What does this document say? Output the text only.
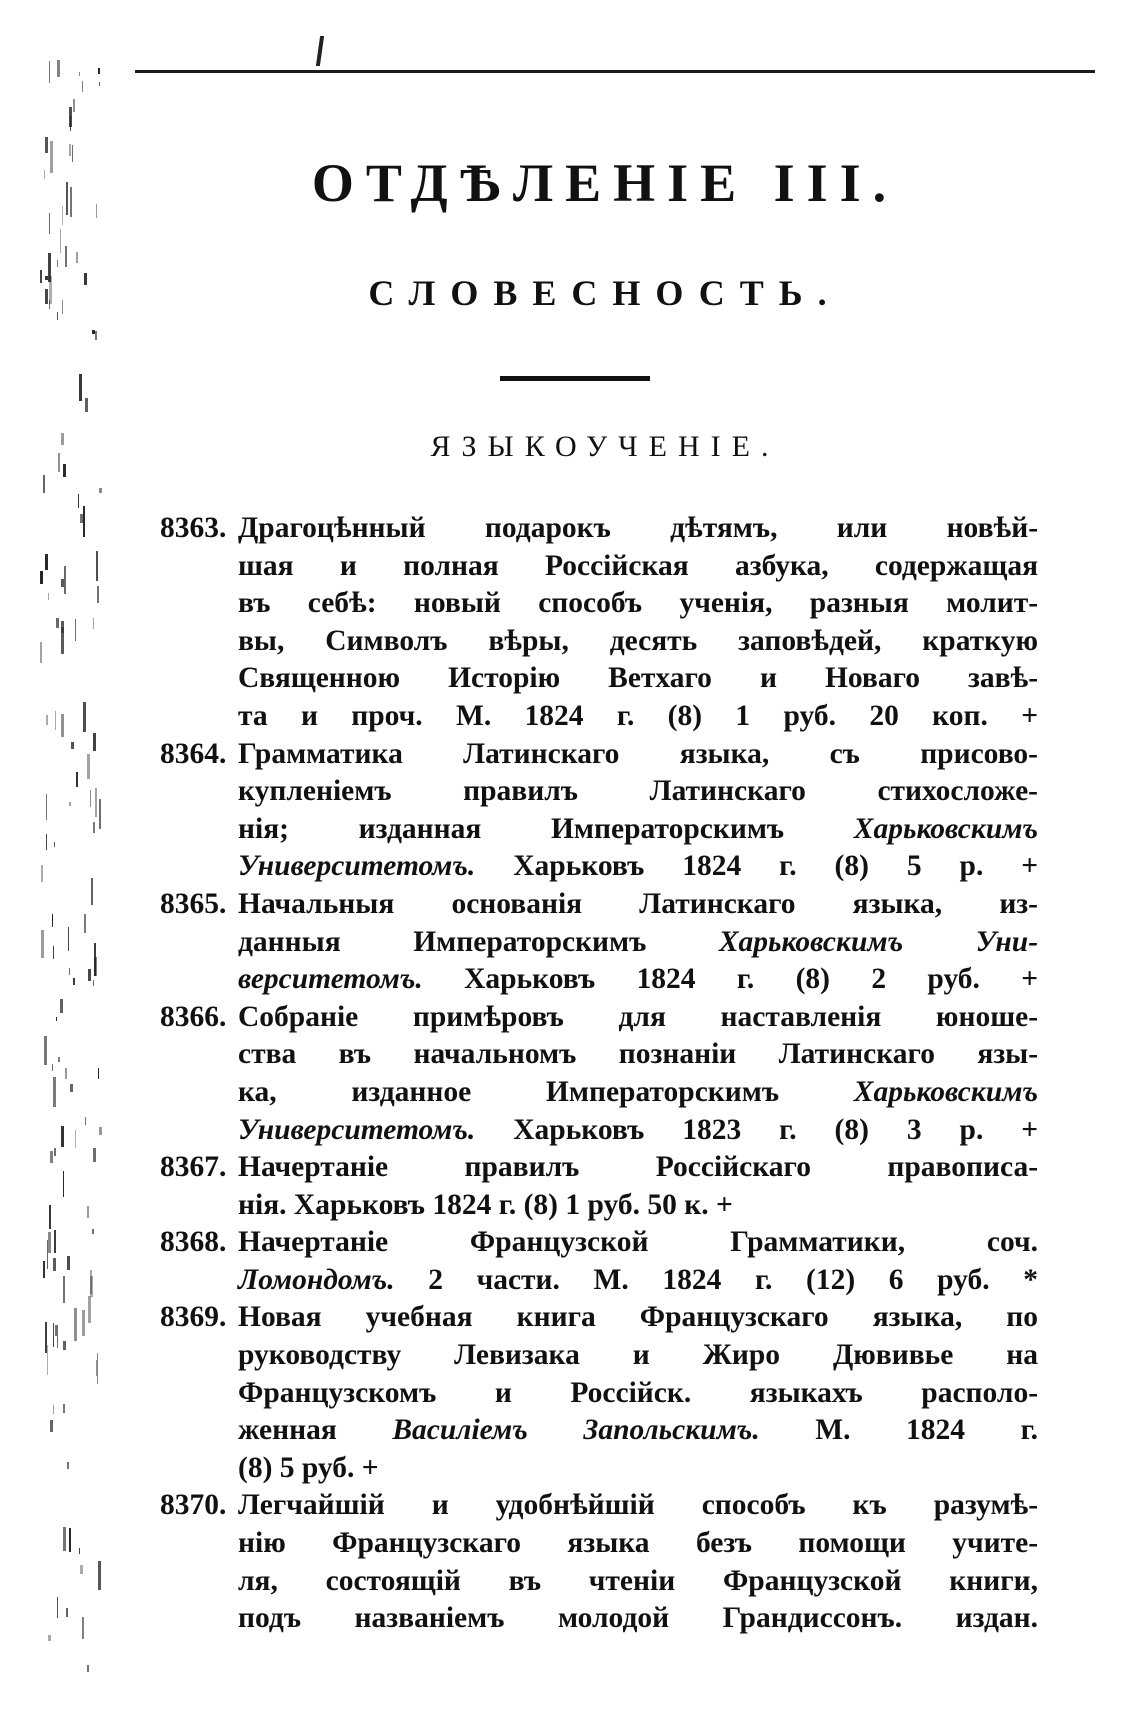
ОТДѢЛЕНІЕ III.
СЛОВЕСНОСТЬ.
ЯЗЫКОУЧЕНІЕ.
8363. Драгоцѣнный подарокъ дѣтямъ, или новѣй-
шая и полная Россійская азбука, содержащая
въ себѣ: новый способъ ученія, разныя молит-
вы, Символъ вѣры, десять заповѣдей, краткую
Священною Исторію Ветхаго и Новаго завѣ-
та и проч. М. 1824 г. (8) 1 руб. 20 коп. +
8364. Грамматика Латинскаго языка, съ присово-
купленіемъ правилъ Латинскаго стихосложе-
нія; изданная Императорскимъ Харьковскимъ
Университетомъ. Харьковъ 1824 г. (8) 5 р. +
8365. Начальныя основанія Латинскаго языка, из-
данныя Императорскимъ Харьковскимъ Уни-
верситетомъ. Харьковъ 1824 г. (8) 2 руб. +
8366. Собраніе примѣровъ для наставленія юноше-
ства въ начальномъ познаніи Латинскаго язы-
ка,	изданное	Императорскимъ	Харьковскимъ
Университетомъ. Харьковъ 1823 г. (8) 3 р. +
8367. Начертаніе	правилъ	Россійскаго	правописа-
нія. Харьковъ 1824 г. (8) 1 руб. 50 к. +
8368. Начертаніе	Французской	Грамматики,	соч.
Ломондомъ. 2 части. М. 1824 г. (12) 6 руб. *
8369. Новая учебная книга Французскаго языка, по
руководству Левизака и Жиро Дювивье на
Французскомъ и Россійск. языкахъ располо-
женная Василіемъ Запольскимъ. М. 1824 г.
(8) 5 руб. +
8370. Легчайшій и удобнѣйшій способъ къ разумѣ-
нію Французскаго языка безъ помощи учите-
ля, состоящій въ чтеніи Французской книги,
подъ названіемъ молодой Грандиссонъ. издан.
